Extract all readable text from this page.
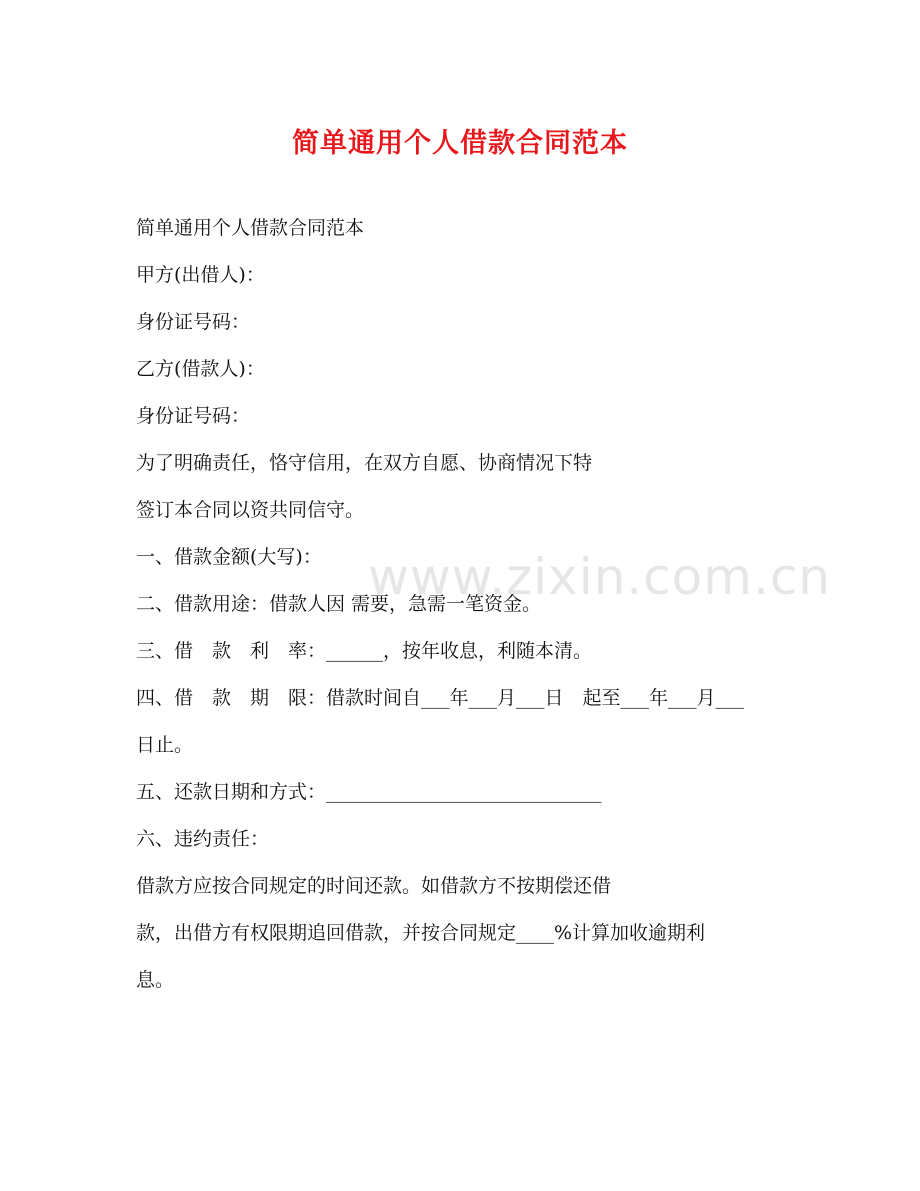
简单通用个人借款合同范本
www.zixin.com.cn
简单通用个人借款合同范本
甲方(出借人)：
身份证号码：
乙方(借款人)：
身份证号码：
为了明确责任，恪守信用，在双方自愿、协商情况下特
签订本合同以资共同信守。
一、借款金额(大写)：
二、借款用途：借款人因 需要，急需一笔资金。
三、借　款　利　率：______，按年收息，利随本清。
四、借　款　期　限：借款时间自___年___月___日　起至___年___月___
日止。
五、还款日期和方式：_____________________________
六、违约责任：
借款方应按合同规定的时间还款。如借款方不按期偿还借
款，出借方有权限期追回借款，并按合同规定____%计算加收逾期利
息。
